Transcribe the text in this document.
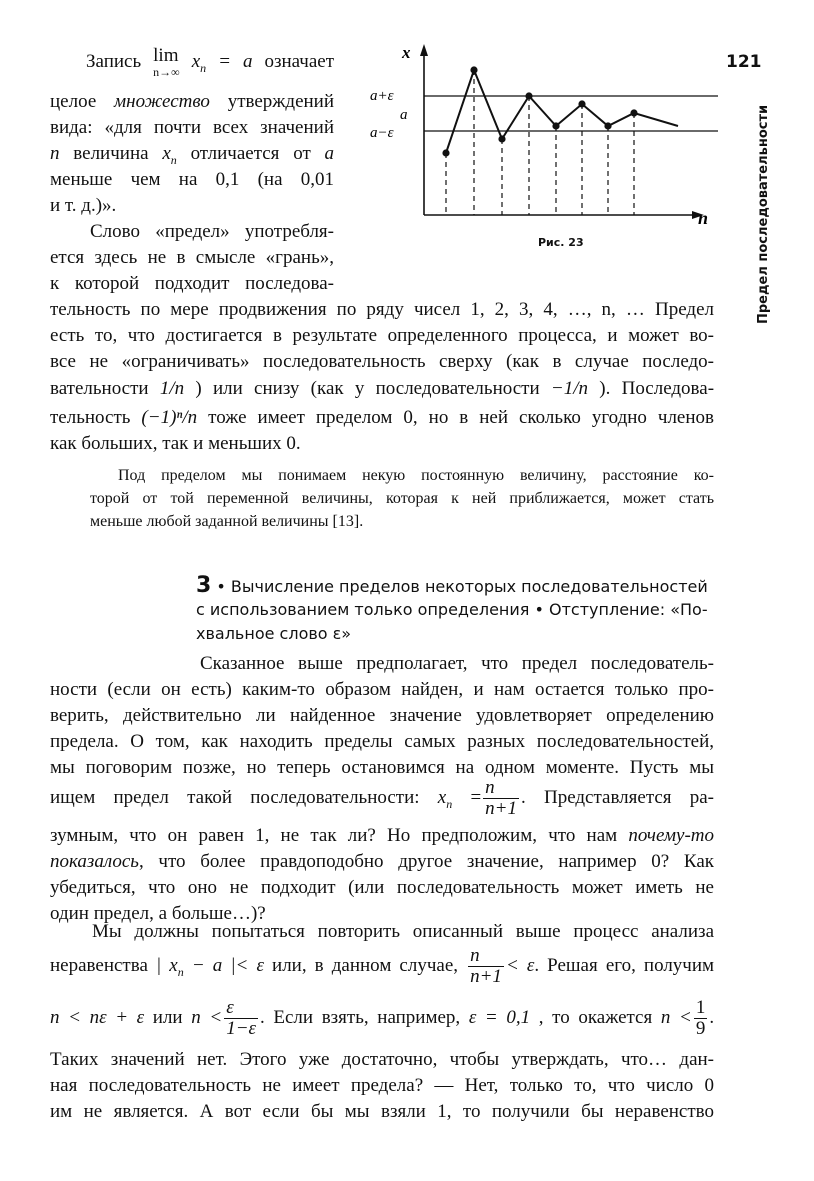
121
Предел последовательности
x
n
a+ε
a
a−ε
Рис. 23
Запись lim
n→∞ $x_n = a$ означает
целое множество утверждений
вида: «для почти всех значений
n величина $x_n$ отличается от a
меньше чем на 0,1 (на 0,01
и т. д.)».
Слово «предел» употребля-
ется здесь не в смысле «грань»,
к которой подходит последова-
тельность по мере продвижения по ряду чисел 1, 2, 3, 4, …, n, … Предел
есть то, что достигается в результате определенного процесса, и может во-
все не «ограничивать» последовательность сверху (как в случае последо-
вательности 1/n ) или снизу (как у последовательности −1/n ). Последова-
тельность (−1)ⁿ/n тоже имеет пределом 0, но в ней сколько угодно членов
как больших, так и меньших 0.
Под пределом мы понимаем некую постоянную величину, расстояние ко-
торой от той переменной величины, которая к ней приближается, может стать
меньше любой заданной величины [13].
3 • Вычисление пределов некоторых последовательностей
с использованием только определения • Отступление: «По-
хвальное слово ε»
Сказанное выше предполагает, что предел последователь-
ности (если он есть) каким-то образом найден, и нам остается только про-
верить, действительно ли найденное значение удовлетворяет определению
предела. О том, как находить пределы самых разных последовательностей,
мы поговорим позже, но теперь остановимся на одном моменте. Пусть мы
ищем предел такой последовательности: $x_n = \frac{n}{n+1}$ . Представляется ра-
зумным, что он равен 1, не так ли? Но предположим, что нам почему-то
показалось, что более правдоподобно другое значение, например 0? Как
убедиться, что оно не подходит (или последовательность может иметь не
один предел, а больше…)?
Мы должны попытаться повторить описанный выше процесс анализа
неравенства | $x_n - a$ |< ε или, в данном случае, $\frac{n}{n+1} < \varepsilon$. Решая его, получим
n < nε + ε или $n < \frac{\varepsilon}{1-\varepsilon}$ . Если взять, например, ε = 0,1 , то окажется $n < \frac{1}{9}$ .
Таких значений нет. Этого уже достаточно, чтобы утверждать, что… дан-
ная последовательность не имеет предела? — Нет, только то, что число 0
им не является. А вот если бы мы взяли 1, то получили бы неравенство
